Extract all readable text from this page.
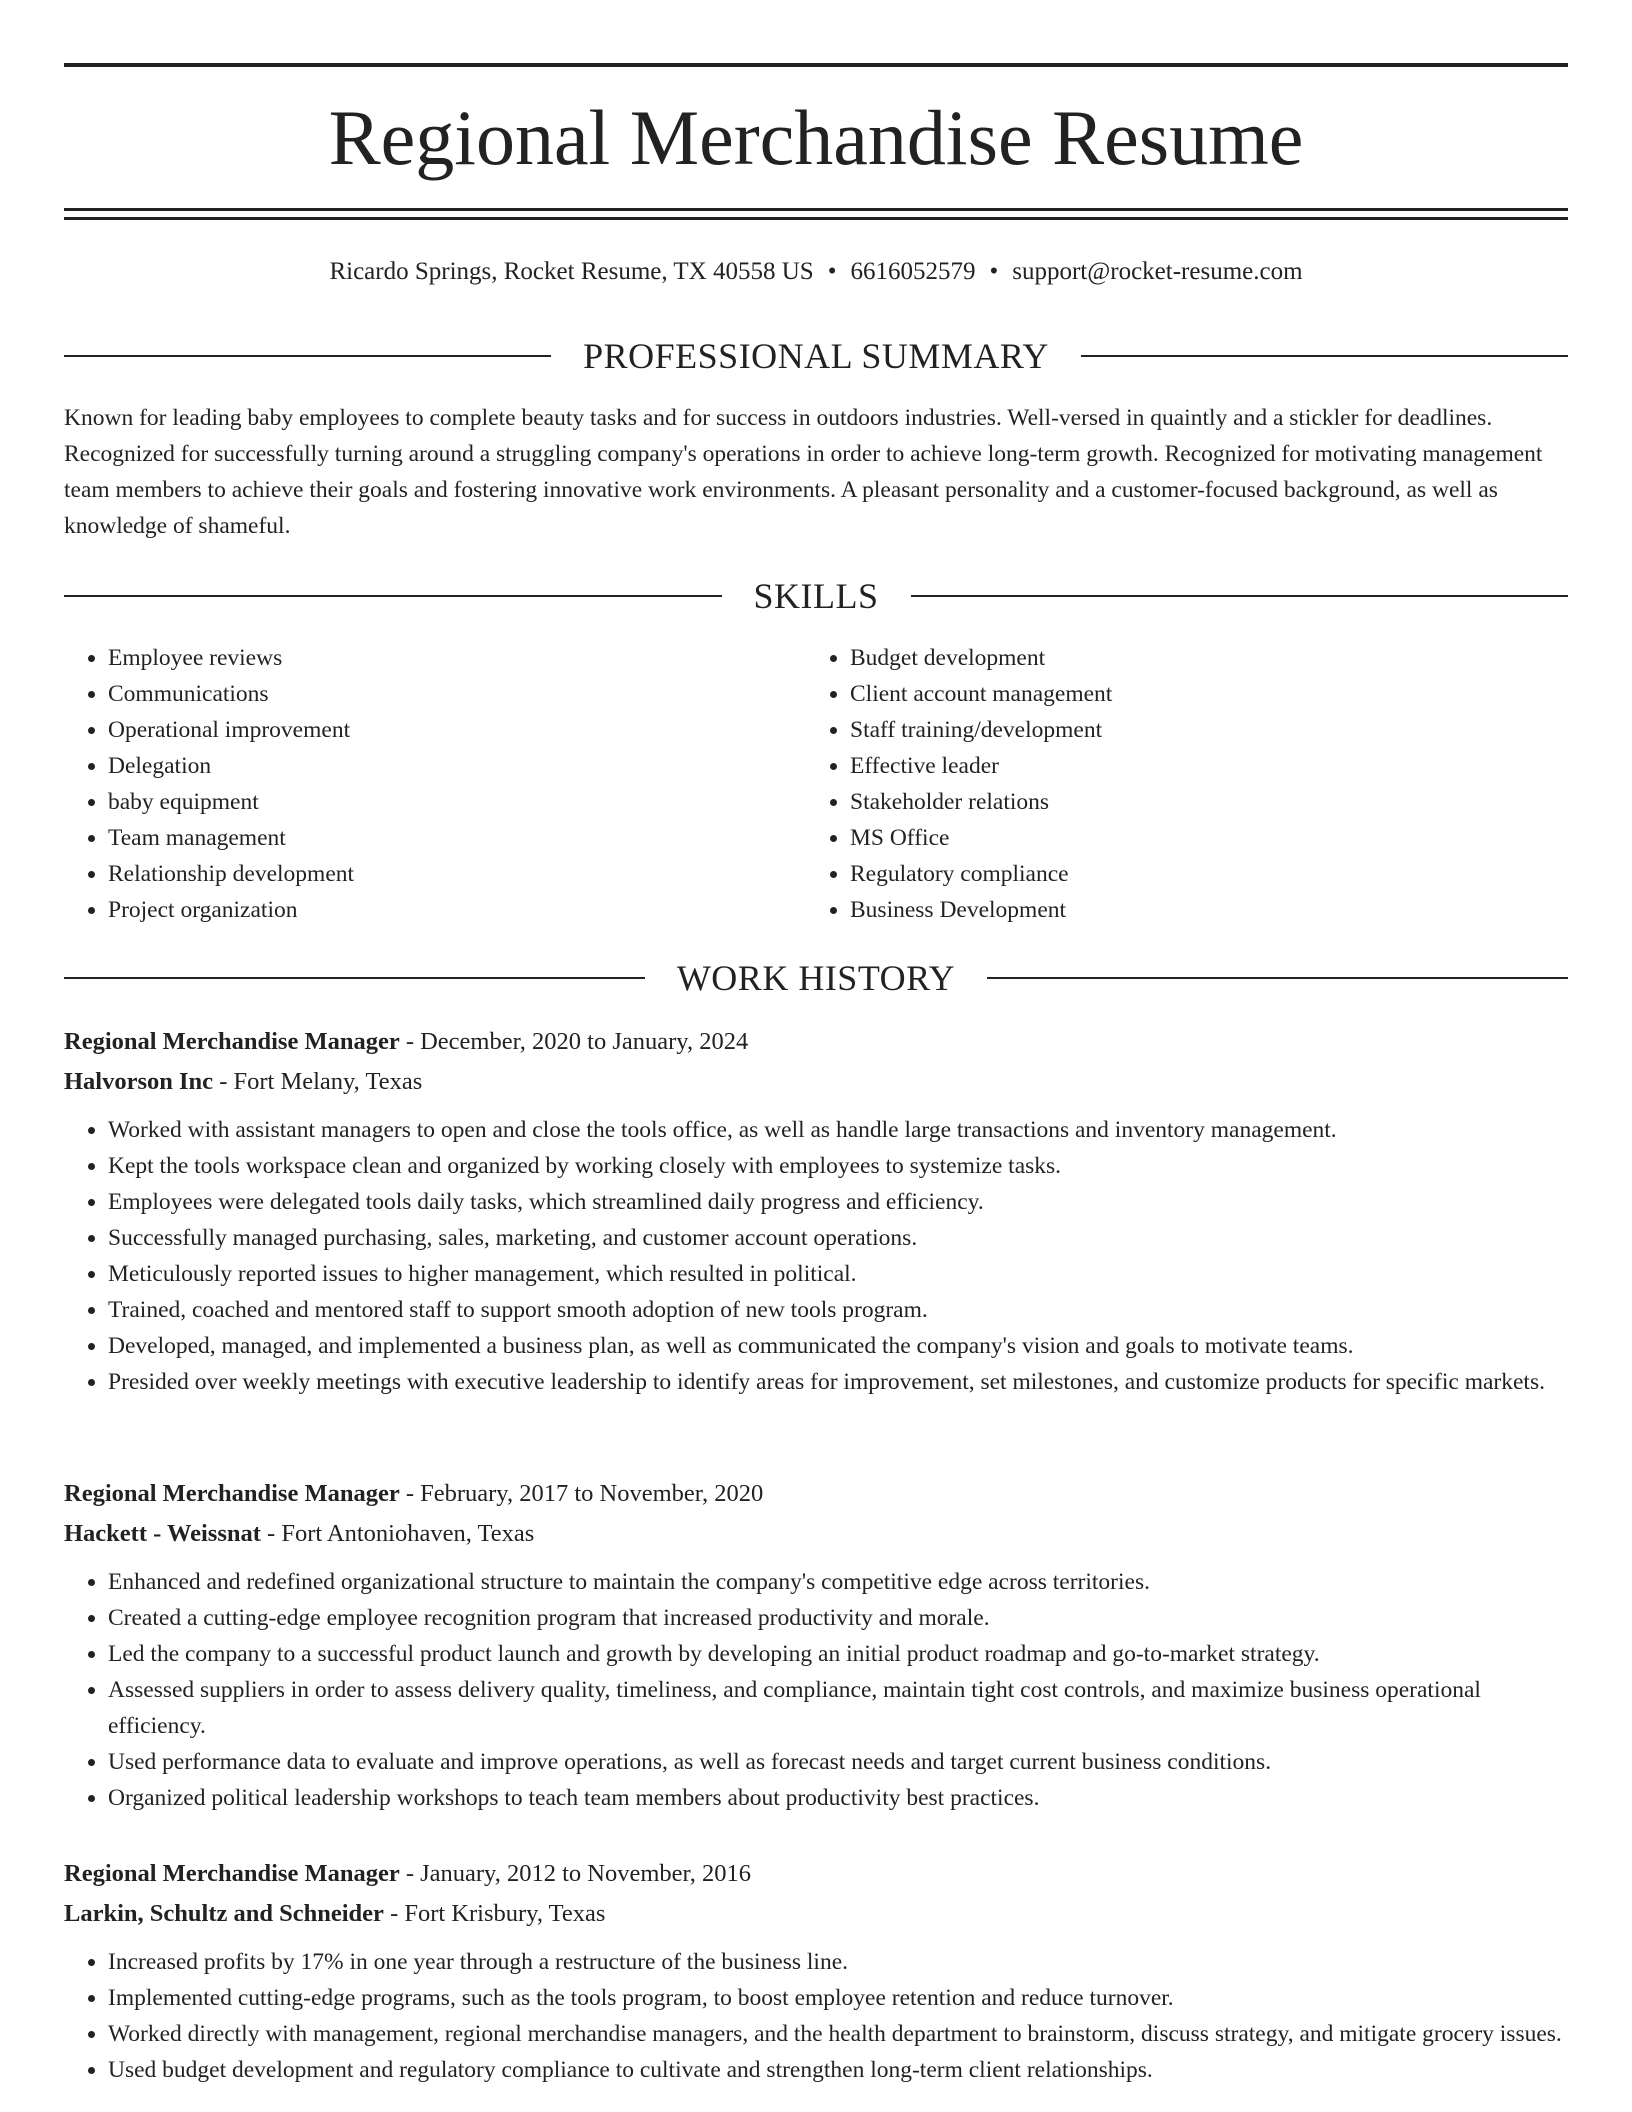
Regional Merchandise Resume
Ricardo Springs, Rocket Resume, TX 40558 US • 6616052579 • support@rocket-resume.com
PROFESSIONAL SUMMARY

Known for leading baby employees to complete beauty tasks and for success in outdoors industries. Well-versed in quaintly and a stickler for deadlines. Recognized for successfully turning around a struggling company's operations in order to achieve long-term growth. Recognized for motivating management team members to achieve their goals and fostering innovative work environments. A pleasant personality and a customer-focused background, as well as knowledge of shameful.

SKILLS
• Employee reviews
• Communications
• Operational improvement
• Delegation
• baby equipment
• Team management
• Relationship development
• Project organization
• Budget development
• Client account management
• Staff training/development
• Effective leader
• Stakeholder relations
• MS Office
• Regulatory compliance
• Business Development
WORK HISTORY
Regional Merchandise Manager - December, 2020 to January, 2024
Halvorson Inc - Fort Melany, Texas
• Worked with assistant managers to open and close the tools office, as well as handle large transactions and inventory management.
• Kept the tools workspace clean and organized by working closely with employees to systemize tasks.
• Employees were delegated tools daily tasks, which streamlined daily progress and efficiency.
• Successfully managed purchasing, sales, marketing, and customer account operations.
• Meticulously reported issues to higher management, which resulted in political.
• Trained, coached and mentored staff to support smooth adoption of new tools program.
• Developed, managed, and implemented a business plan, as well as communicated the company's vision and goals to motivate teams.
• Presided over weekly meetings with executive leadership to identify areas for improvement, set milestones, and customize products for specific markets.
Regional Merchandise Manager - February, 2017 to November, 2020
Hackett - Weissnat - Fort Antoniohaven, Texas
• Enhanced and redefined organizational structure to maintain the company's competitive edge across territories.
• Created a cutting-edge employee recognition program that increased productivity and morale.
• Led the company to a successful product launch and growth by developing an initial product roadmap and go-to-market strategy.
• Assessed suppliers in order to assess delivery quality, timeliness, and compliance, maintain tight cost controls, and maximize business operational efficiency.
• Used performance data to evaluate and improve operations, as well as forecast needs and target current business conditions.
• Organized political leadership workshops to teach team members about productivity best practices.
Regional Merchandise Manager - January, 2012 to November, 2016
Larkin, Schultz and Schneider - Fort Krisbury, Texas
• Increased profits by 17% in one year through a restructure of the business line.
• Implemented cutting-edge programs, such as the tools program, to boost employee retention and reduce turnover.
• Worked directly with management, regional merchandise managers, and the health department to brainstorm, discuss strategy, and mitigate grocery issues.
• Used budget development and regulatory compliance to cultivate and strengthen long-term client relationships.
